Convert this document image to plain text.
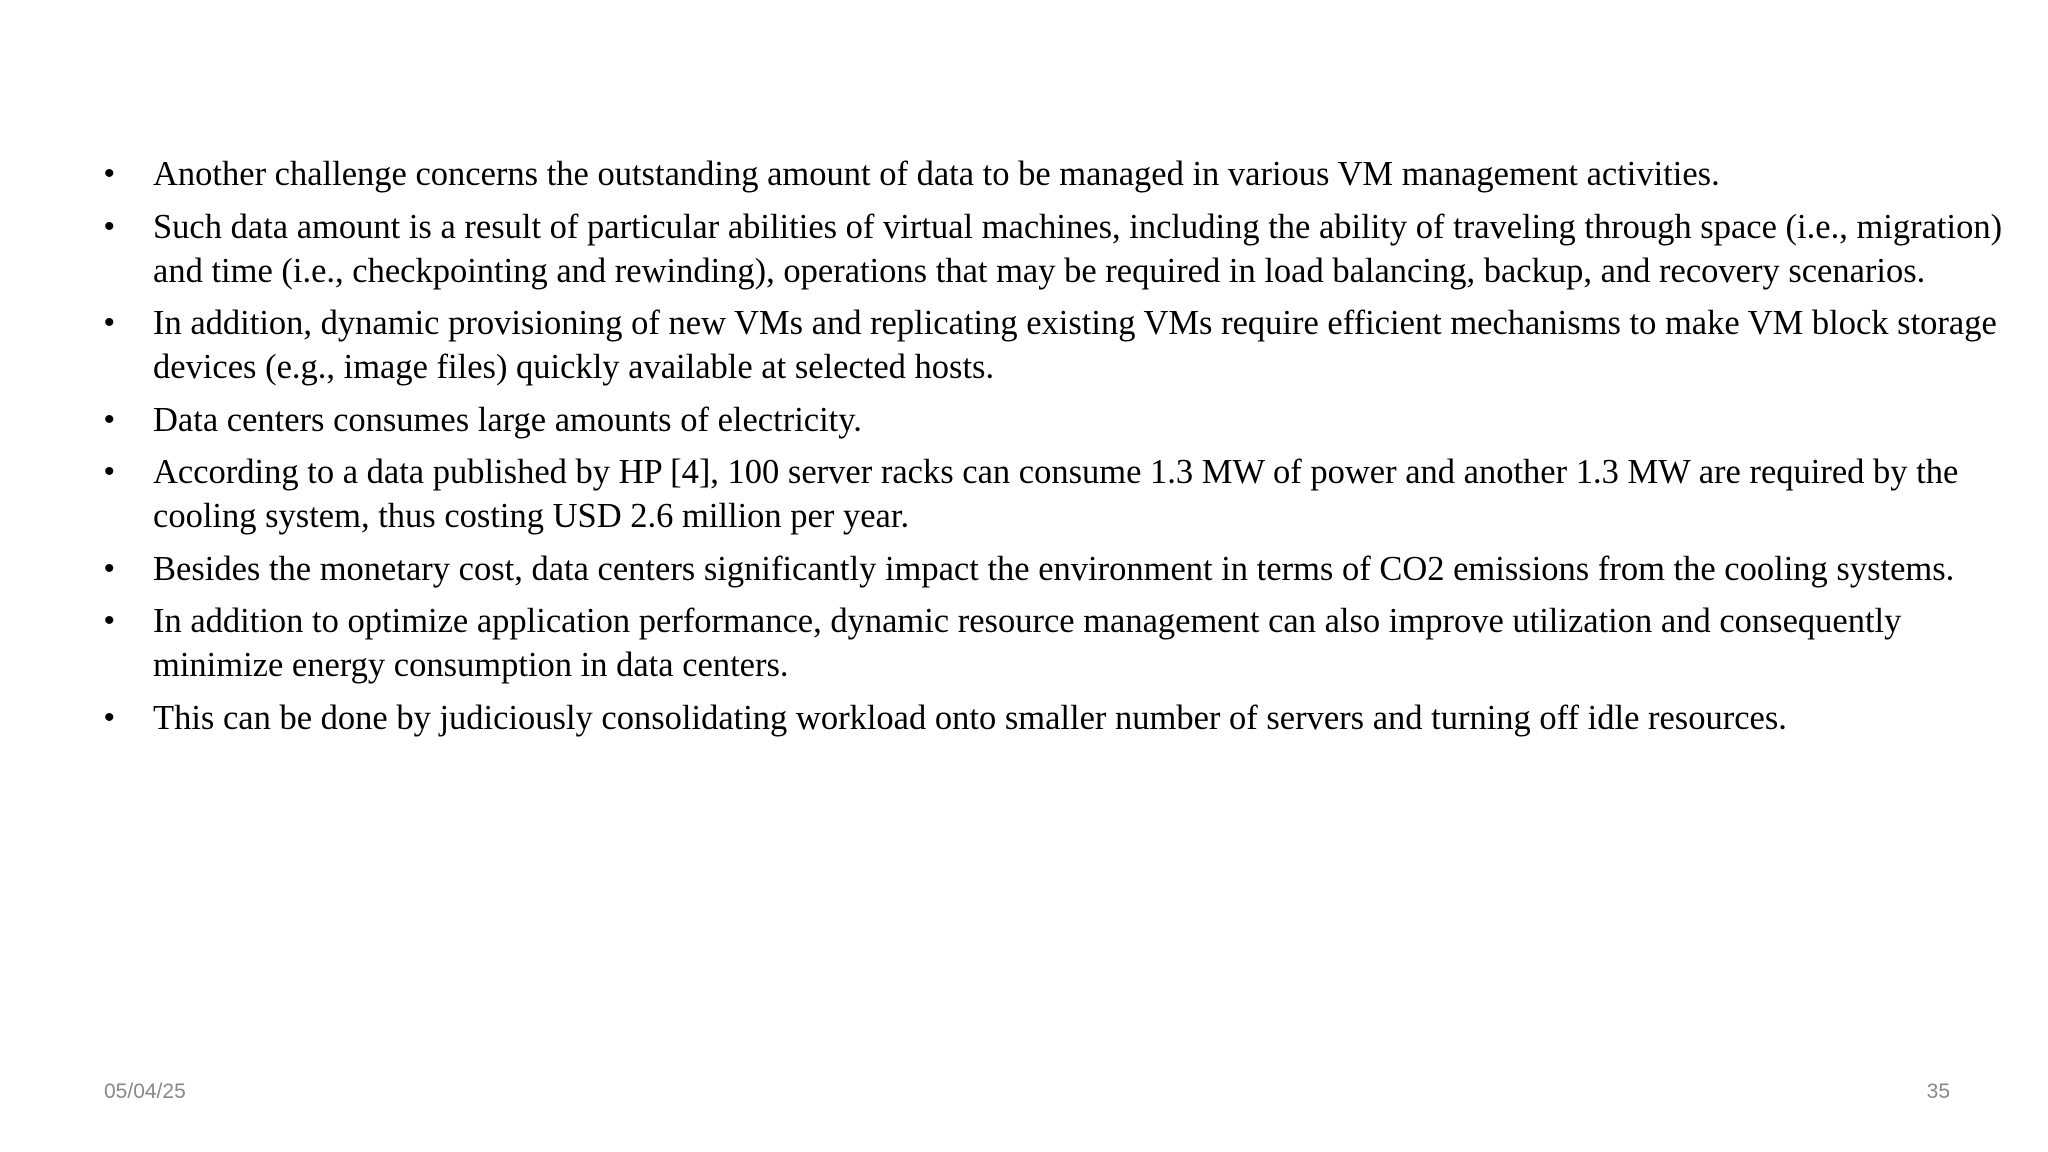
• Another challenge concerns the outstanding amount of data to be managed in various VM management activities.
• Such data amount is a result of particular abilities of virtual machines, including the ability of traveling through space (i.e., migration) and time (i.e., checkpointing and rewinding), operations that may be required in load balancing, backup, and recovery scenarios.
• In addition, dynamic provisioning of new VMs and replicating existing VMs require efficient mechanisms to make VM block storage devices (e.g., image files) quickly available at selected hosts.
• Data centers consumes large amounts of electricity.
• According to a data published by HP [4], 100 server racks can consume 1.3 MW of power and another 1.3 MW are required by the cooling system, thus costing USD 2.6 million per year.
• Besides the monetary cost, data centers significantly impact the environment in terms of CO2 emissions from the cooling systems.
• In addition to optimize application performance, dynamic resource management can also improve utilization and consequently minimize energy consumption in data centers.
• This can be done by judiciously consolidating workload onto smaller number of servers and turning off idle resources.
05/04/25	35
